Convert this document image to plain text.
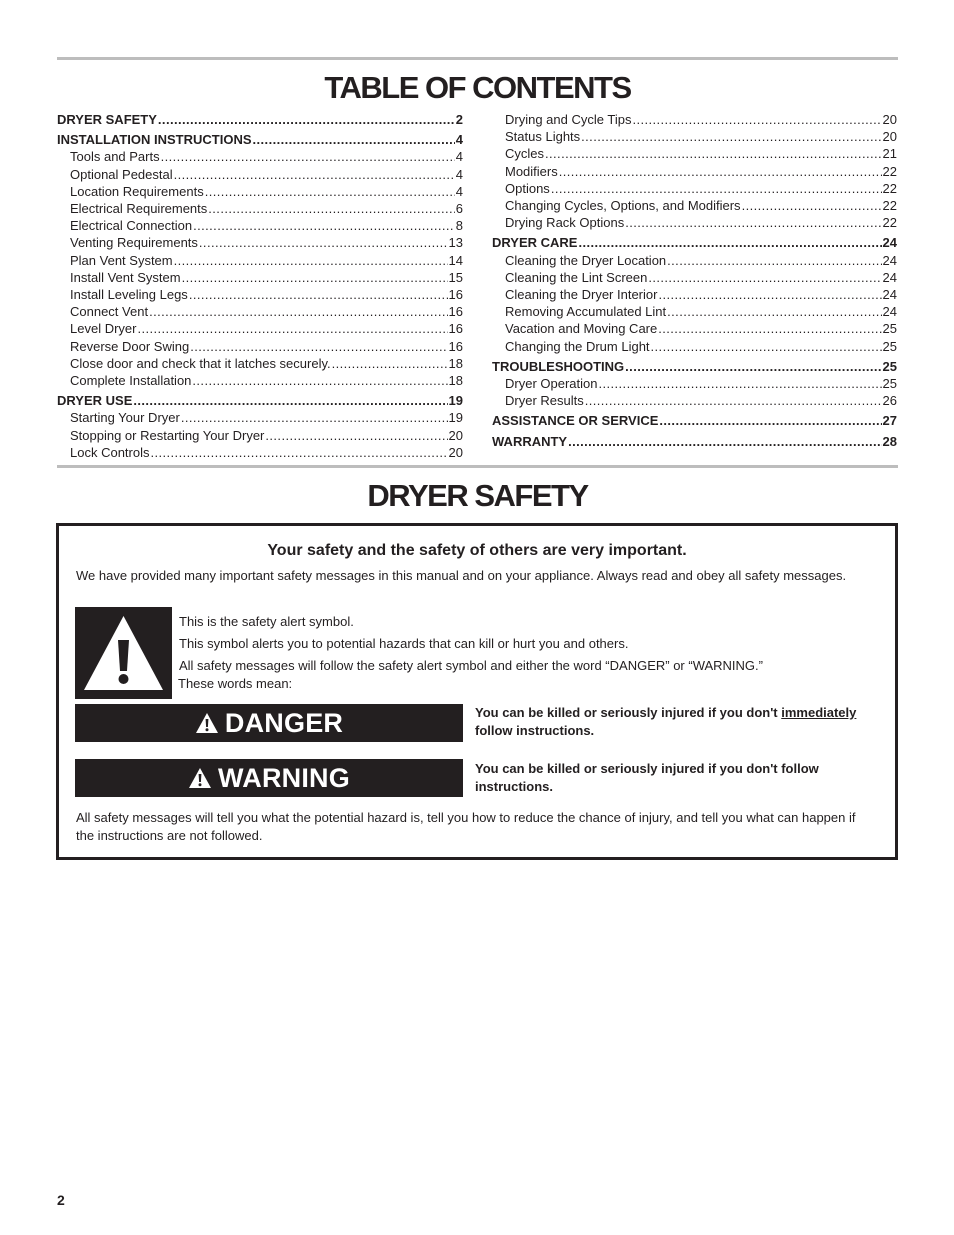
TABLE OF CONTENTS
DRYER SAFETY .....	2
INSTALLATION INSTRUCTIONS .....	4
Tools and Parts .....	4
Optional Pedestal .....	4
Location Requirements .....	4
Electrical Requirements .....	6
Electrical Connection .....	8
Venting Requirements .....	13
Plan Vent System .....	14
Install Vent System .....	15
Install Leveling Legs .....	16
Connect Vent .....	16
Level Dryer .....	16
Reverse Door Swing .....	16
Close door and check that it latches securely. .....	18
Complete Installation .....	18
DRYER USE .....	19
Starting Your Dryer .....	19
Stopping or Restarting Your Dryer .....	20
Lock Controls .....	20
Drying and Cycle Tips .....	20
Status Lights .....	20
Cycles .....	21
Modifiers .....	22
Options .....	22
Changing Cycles, Options, and Modifiers .....	22
Drying Rack Options .....	22
DRYER CARE .....	24
Cleaning the Dryer Location .....	24
Cleaning the Lint Screen .....	24
Cleaning the Dryer Interior .....	24
Removing Accumulated Lint .....	24
Vacation and Moving Care .....	25
Changing the Drum Light .....	25
TROUBLESHOOTING .....	25
Dryer Operation .....	25
Dryer Results .....	26
ASSISTANCE OR SERVICE .....	27
WARRANTY .....	28
DRYER SAFETY
Your safety and the safety of others are very important.
We have provided many important safety messages in this manual and on your appliance. Always read and obey all safety messages.
This is the safety alert symbol.
This symbol alerts you to potential hazards that can kill or hurt you and others.
All safety messages will follow the safety alert symbol and either the word “DANGER” or “WARNING.”
These words mean:
DANGER	You can be killed or seriously injured if you don't immediately
follow instructions.
WARNING	You can be killed or seriously injured if you don't follow
instructions.
All safety messages will tell you what the potential hazard is, tell you how to reduce the chance of injury, and tell you what can happen if the instructions are not followed.
2
